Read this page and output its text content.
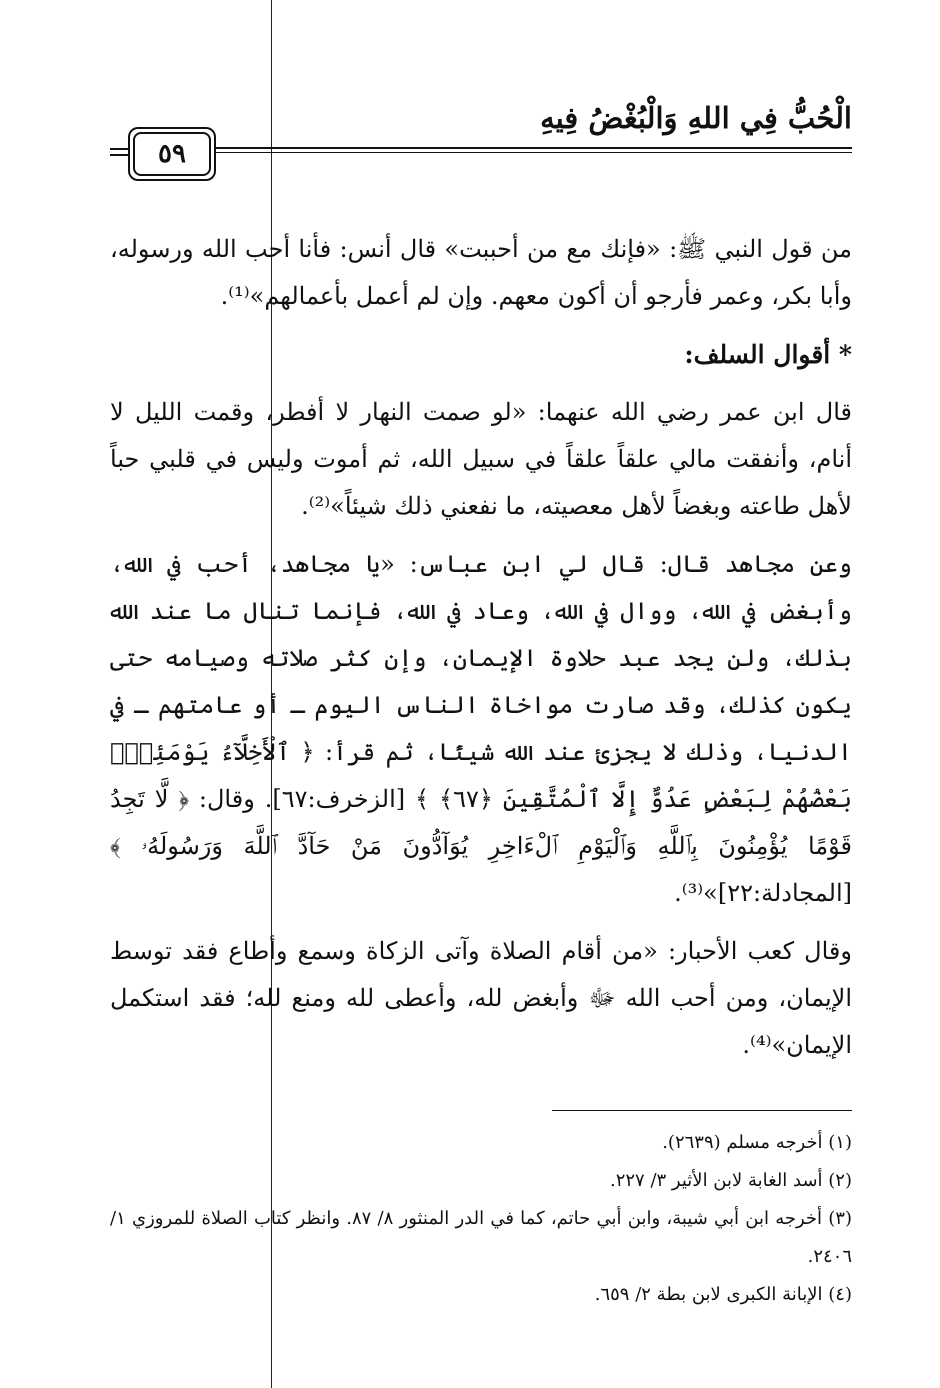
الْحُبُّ فِي اللهِ وَالْبُغْضُ فِيهِ
٥٩

من قول النبي ﷺ: «فإنك مع من أحببت» قال أنس: فأنا أحب الله ورسوله، وأبا بكر، وعمر فأرجو أن أكون معهم. وإن لم أعمل بأعمالهم»⁽¹⁾.

* أقوال السلف:

قال ابن عمر رضي الله عنهما: «لو صمت النهار لا أفطر، وقمت الليل لا أنام، وأنفقت مالي علقاً علقاً في سبيل الله، ثم أموت وليس في قلبي حباً لأهل طاعته وبغضاً لأهل معصيته، ما نفعني ذلك شيئاً»⁽²⁾.

وعن مجاهد قال: قال لي ابن عباس: «يا مجاهد، أحب في الله، وأبغض في الله، ووال في الله، وعاد في الله، فإنما تنال ما عند الله بذلك، ولن يجد عبد حلاوة الإيمان، وإن كثر صلاته وصيامه حتى يكون كذلك، وقد صارت مواخاة الناس اليوم ـ أو عامتهم ـ في الدنيا، وذلك لا يجزئ عند الله شيئًا، ثم قرأ: ﴿ ٱلْأَخِلَّآءُ يَوْمَئِذٍۭ بَعْضُهُمْ لِبَعْضٍ عَدُوٌّ إِلَّا ٱلْمُتَّقِينَ ﴿٦٧﴾ ﴾ [الزخرف:٦٧]. وقال: ﴿ لَّا تَجِدُ قَوْمًا يُؤْمِنُونَ بِٱللَّهِ وَٱلْيَوْمِ ٱلْءَاخِرِ يُوَآدُّونَ مَنْ حَآدَّ ٱللَّهَ وَرَسُولَهُۥ ﴾ [المجادلة:٢٢]»⁽³⁾.

وقال كعب الأحبار: «من أقام الصلاة وآتى الزكاة وسمع وأطاع فقد توسط الإيمان، ومن أحب الله ﷻ وأبغض لله، وأعطى لله ومنع لله؛ فقد استكمل الإيمان»⁽⁴⁾.

(١) أخرجه مسلم (٢٦٣٩).

(٢) أسد الغابة لابن الأثير ٣/ ٢٢٧.

(٣) أخرجه ابن أبي شيبة، وابن أبي حاتم، كما في الدر المنثور ٨/ ٨٧. وانظر كتاب الصلاة للمروزي ١/ ٢٤٠٦.

(٤) الإبانة الكبرى لابن بطة ٢/ ٦٥٩.
